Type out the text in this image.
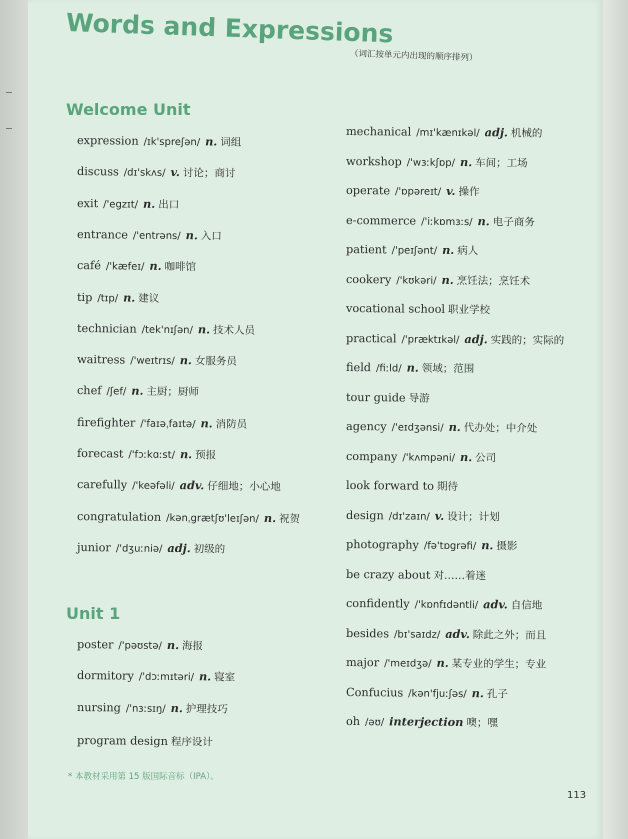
Words and Expressions
（词汇按单元内出现的顺序排列）
Welcome Unit
Unit 1
expression /ɪk'spreʃən/ n. 词组
discuss /dɪ'skʌs/ v. 讨论；商讨
exit /'egzɪt/ n. 出口
entrance /'entrəns/ n. 入口
café /'kæfeɪ/ n. 咖啡馆
tip /tɪp/ n. 建议
technician /tek'nɪʃən/ n. 技术人员
waitress /'weɪtrɪs/ n. 女服务员
chef /ʃef/ n. 主厨；厨师
firefighter /'faɪəˌfaɪtə/ n. 消防员
forecast /'fɔːkɑːst/ n. 预报
carefully /'keəfəli/ adv. 仔细地；小心地
congratulation /kənˌgrætʃʊ'leɪʃən/ n. 祝贺
junior /'dʒuːniə/ adj. 初级的
poster /'pəʊstə/ n. 海报
dormitory /'dɔːmɪtəri/ n. 寝室
nursing /'nɜːsɪŋ/ n. 护理技巧
program design 程序设计
mechanical /mɪ'kænɪkəl/ adj. 机械的
workshop /'wɜːkʃɒp/ n. 车间；工场
operate /'ɒpəreɪt/ v. 操作
e-commerce /'iːkɒmɜːs/ n. 电子商务
patient /'peɪʃənt/ n. 病人
cookery /'kʊkəri/ n. 烹饪法；烹饪术
vocational school 职业学校
practical /'præktɪkəl/ adj. 实践的；实际的
field /fiːld/ n. 领域；范围
tour guide 导游
agency /'eɪdʒənsi/ n. 代办处；中介处
company /'kʌmpəni/ n. 公司
look forward to 期待
design /dɪ'zaɪn/ v. 设计；计划
photography /fə'tɒgrəfi/ n. 摄影
be crazy about 对……着迷
confidently /'kɒnfɪdəntli/ adv. 自信地
besides /bɪ'saɪdz/ adv. 除此之外；而且
major /'meɪdʒə/ n. 某专业的学生；专业
Confucius /kən'fjuːʃəs/ n. 孔子
oh /əʊ/ interjection 噢；嘿
* 本教材采用第 15 版国际音标（IPA）。
113
